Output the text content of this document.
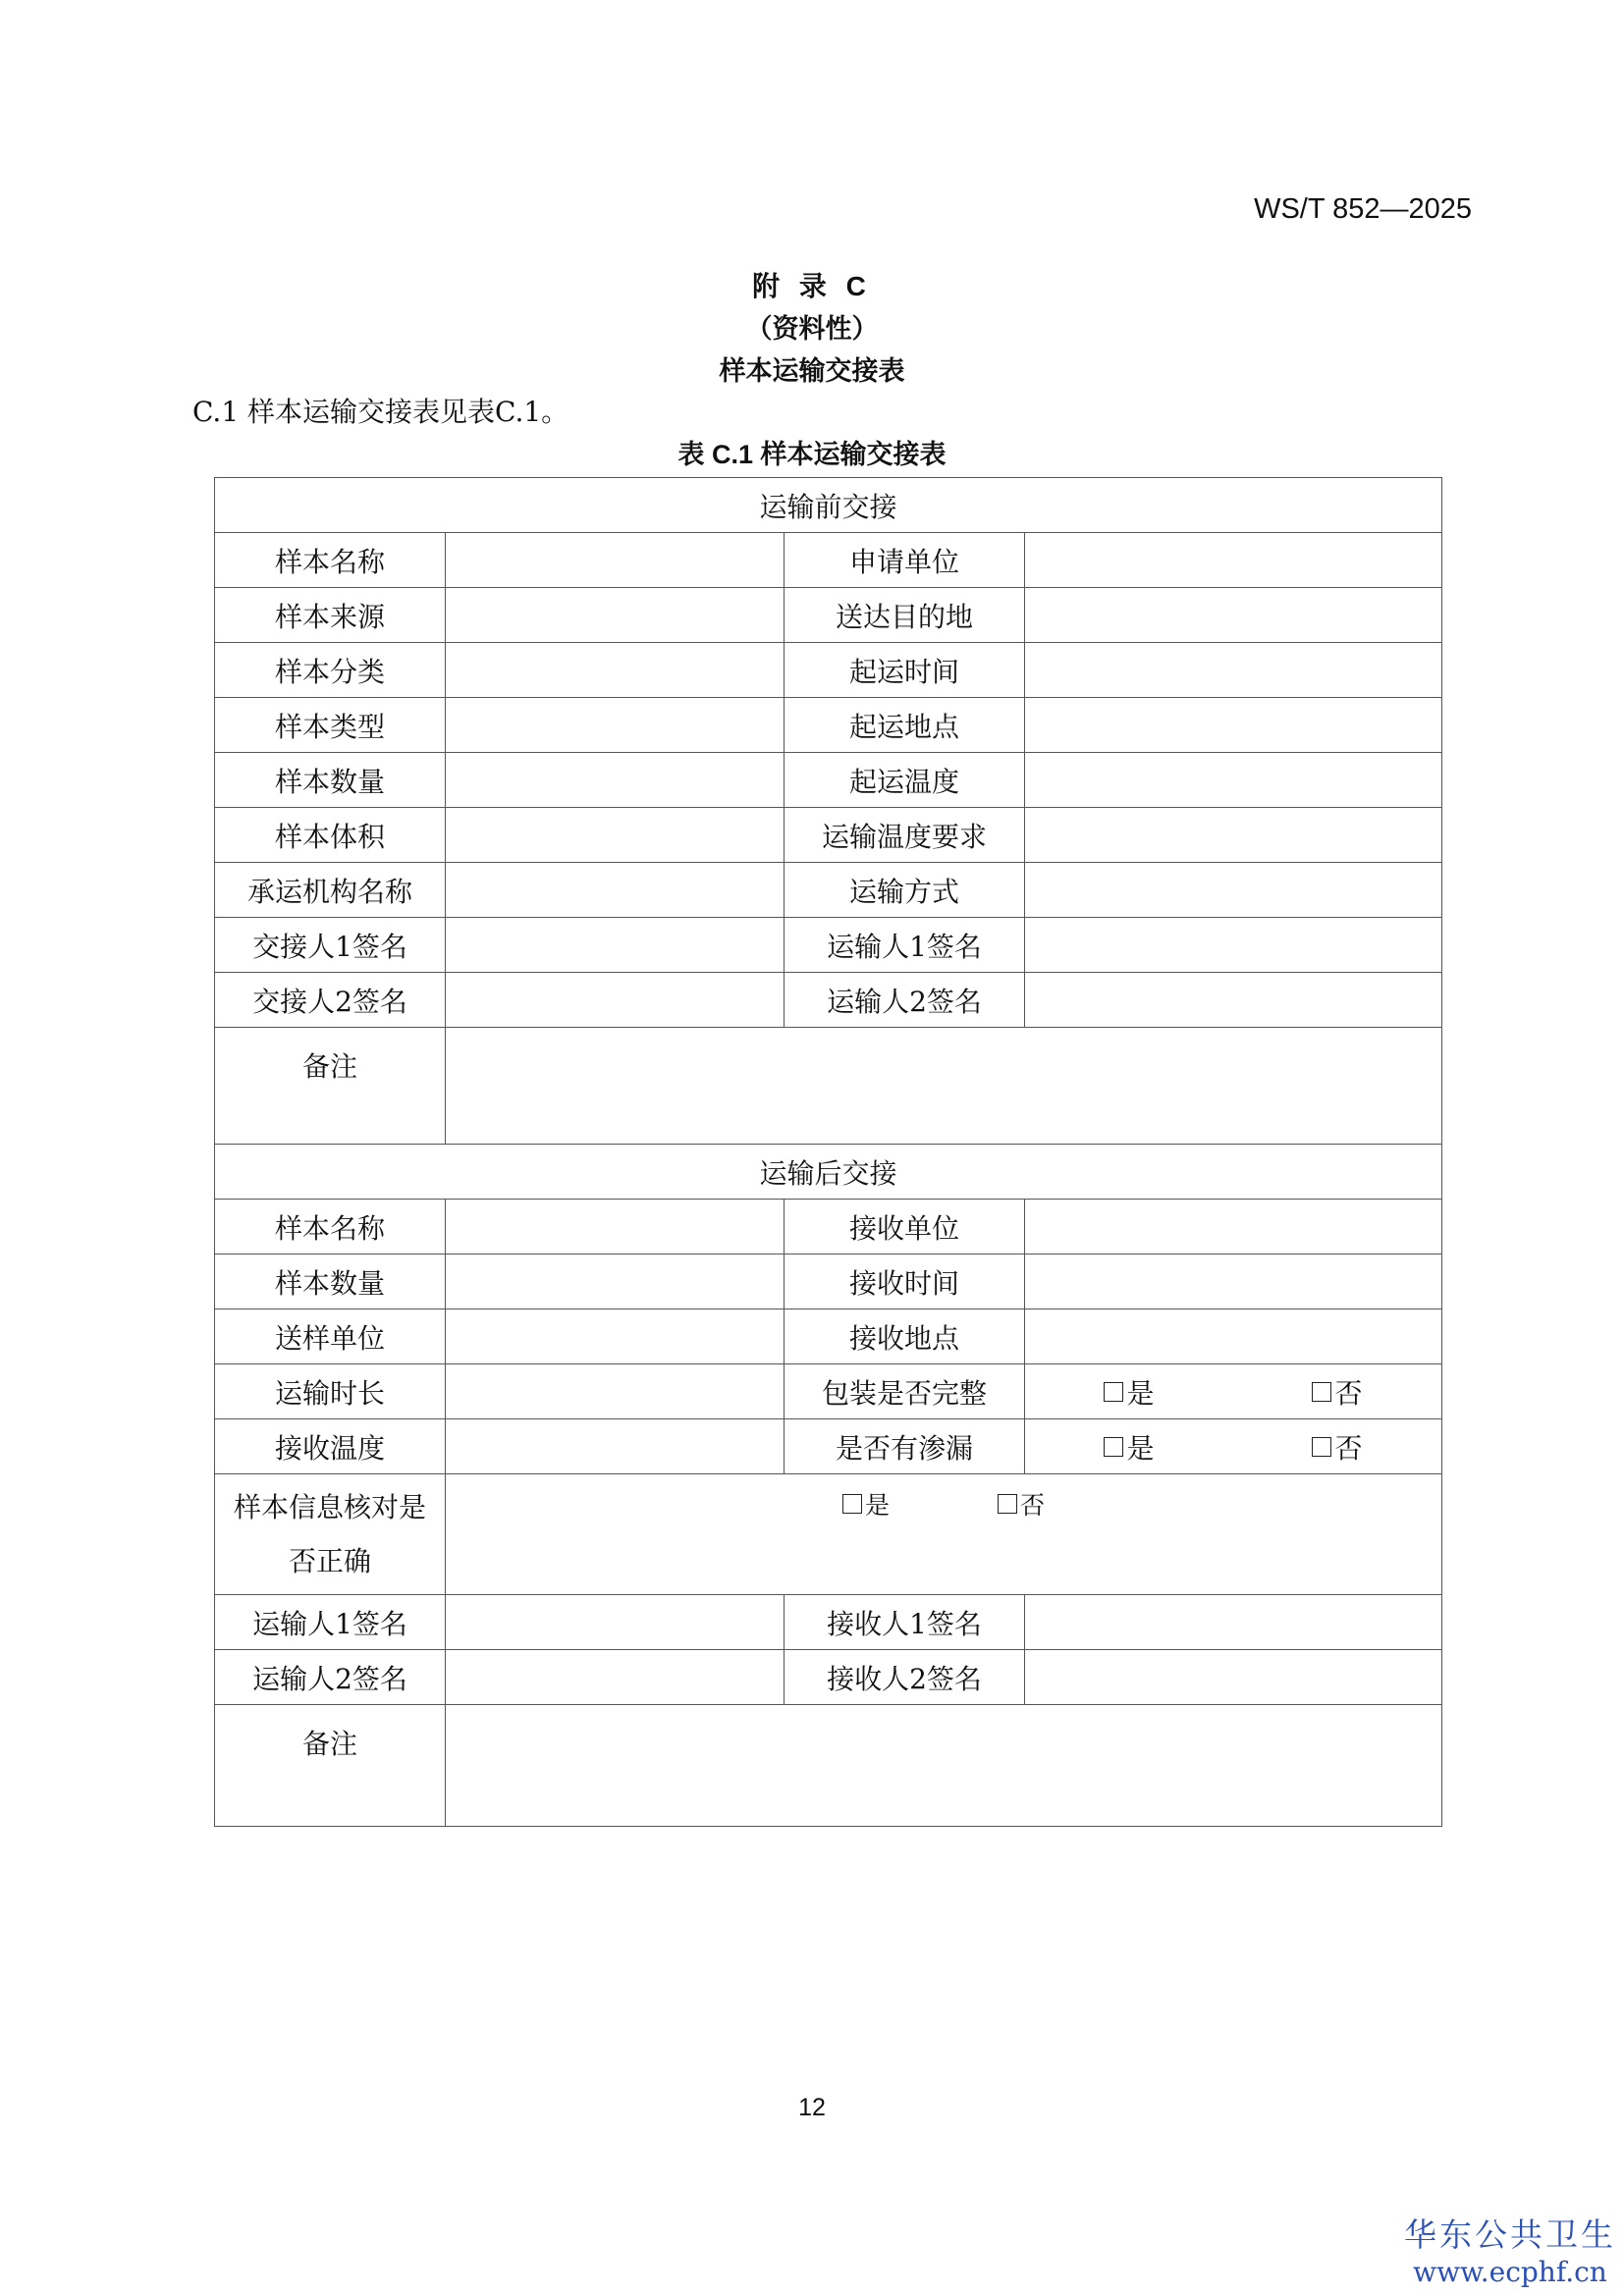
WS/T 852—2025
附 录 C
（资料性）
样本运输交接表
C.1 样本运输交接表见表C.1。
表 C.1 样本运输交接表
运输前交接			
样本名称		申请单位	
样本来源		送达目的地	
样本分类		起运时间	
样本类型		起运地点	
样本数量		起运温度	
样本体积		运输温度要求	
承运机构名称		运输方式	
交接人1签名		运输人1签名	
交接人2签名		运输人2签名	
备注			
运输后交接			
样本名称		接收单位	
样本数量		接收时间	
送样单位		接收地点	
运输时长		包装是否完整	是 否

接收温度		是否有渗漏	是 否

样本信息核对是
否正确	是 否		

运输人1签名		接收人1签名	
运输人2签名		接收人2签名	
备注			
12
华东公共卫生
www.ecphf.cn
